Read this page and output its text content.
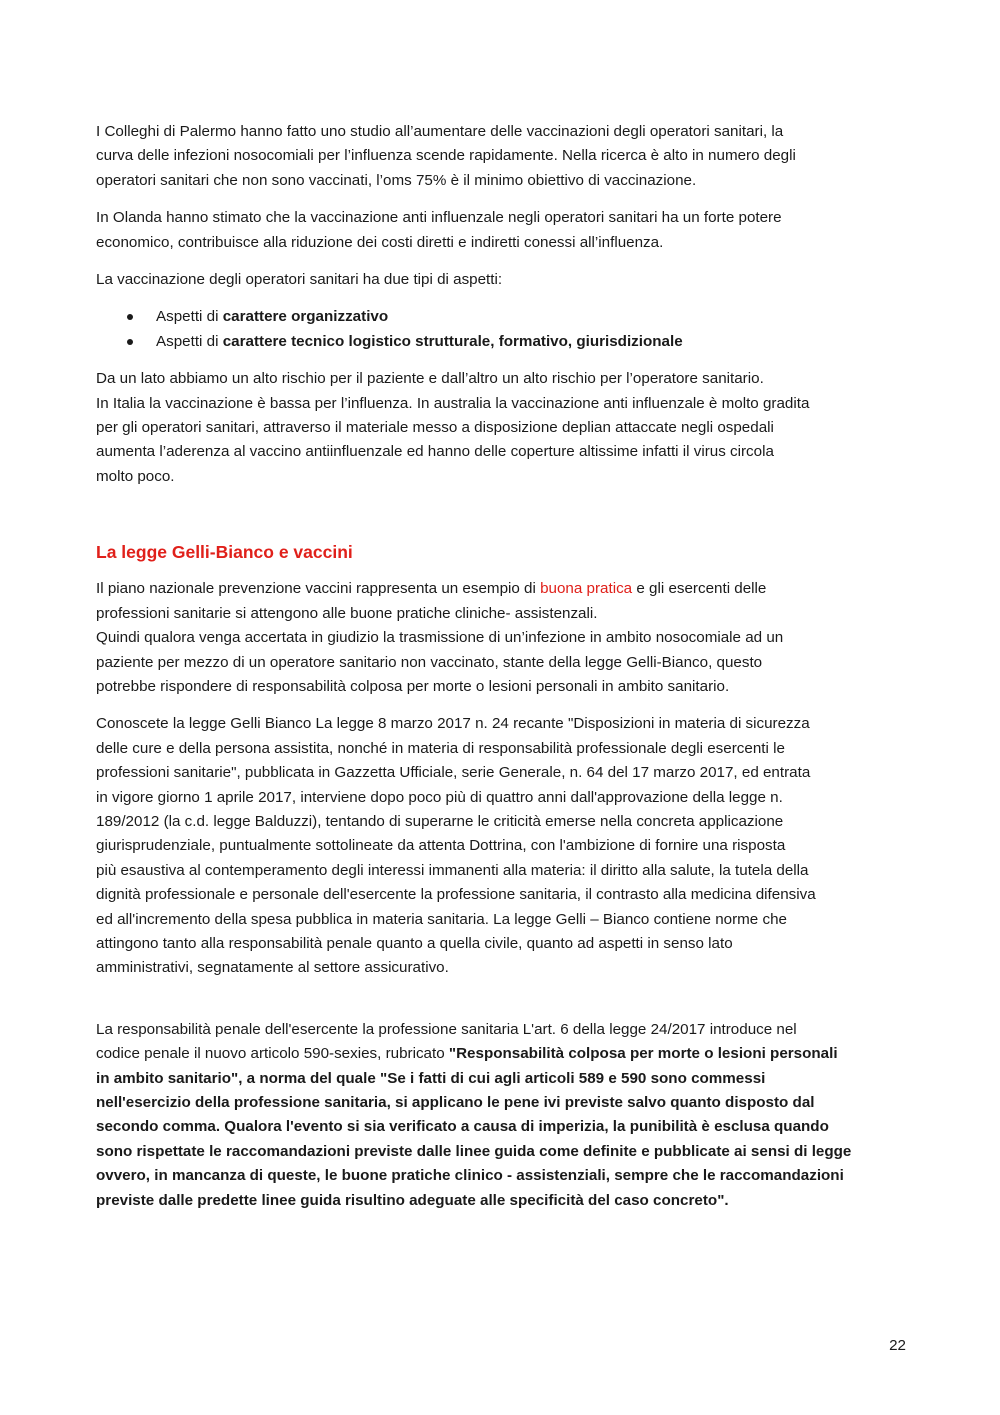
I Colleghi di Palermo hanno fatto uno studio all’aumentare delle vaccinazioni degli operatori sanitari, la
curva delle infezioni nosocomiali per l’influenza scende rapidamente. Nella ricerca è alto in numero degli
operatori sanitari che non sono vaccinati, l’oms 75% è il minimo obiettivo di vaccinazione.

In Olanda hanno stimato che la vaccinazione anti influenzale negli operatori sanitari ha un forte potere
economico, contribuisce alla riduzione dei costi diretti e indiretti conessi all’influenza.

La vaccinazione degli operatori sanitari ha due tipi di aspetti:

Aspetti di carattere organizzativo
Aspetti di carattere tecnico logistico strutturale, formativo, giurisdizionale

Da un lato abbiamo un alto rischio per il paziente e dall’altro un alto rischio per l’operatore sanitario.
In Italia la vaccinazione è bassa per l’influenza. In australia la vaccinazione anti influenzale è molto gradita
per gli operatori sanitari, attraverso il materiale messo a disposizione deplian attaccate negli ospedali
aumenta l’aderenza al vaccino antiinfluenzale ed hanno delle coperture altissime infatti il virus circola
molto poco.

La legge Gelli-Bianco e vaccini

Il piano nazionale prevenzione vaccini rappresenta un esempio di buona pratica e gli esercenti delle
professioni sanitarie si attengono alle buone pratiche cliniche- assistenzali.
Quindi qualora venga accertata in giudizio la trasmissione di un’infezione in ambito nosocomiale ad un
paziente per mezzo di un operatore sanitario non vaccinato, stante della legge Gelli-Bianco, questo
potrebbe rispondere di responsabilità colposa per morte o lesioni personali in ambito sanitario.

Conoscete la legge Gelli Bianco La legge 8 marzo 2017 n. 24 recante "Disposizioni in materia di sicurezza
delle cure e della persona assistita, nonché in materia di responsabilità professionale degli esercenti le
professioni sanitarie", pubblicata in Gazzetta Ufficiale, serie Generale, n. 64 del 17 marzo 2017, ed entrata
in vigore giorno 1 aprile 2017, interviene dopo poco più di quattro anni dall'approvazione della legge n.
189/2012 (la c.d. legge Balduzzi), tentando di superarne le criticità emerse nella concreta applicazione
giurisprudenziale, puntualmente sottolineate da attenta Dottrina, con l'ambizione di fornire una risposta
più esaustiva al contemperamento degli interessi immanenti alla materia: il diritto alla salute, la tutela della
dignità professionale e personale dell'esercente la professione sanitaria, il contrasto alla medicina difensiva
ed all'incremento della spesa pubblica in materia sanitaria. La legge Gelli – Bianco contiene norme che
attingono tanto alla responsabilità penale quanto a quella civile, quanto ad aspetti in senso lato
amministrativi, segnatamente al settore assicurativo.

La responsabilità penale dell'esercente la professione sanitaria L'art. 6 della legge 24/2017 introduce nel
codice penale il nuovo articolo 590-sexies, rubricato "Responsabilità colposa per morte o lesioni personali
in ambito sanitario", a norma del quale "Se i fatti di cui agli articoli 589 e 590 sono commessi
nell'esercizio della professione sanitaria, si applicano le pene ivi previste salvo quanto disposto dal
secondo comma. Qualora l'evento si sia verificato a causa di imperizia, la punibilità è esclusa quando
sono rispettate le raccomandazioni previste dalle linee guida come definite e pubblicate ai sensi di legge
ovvero, in mancanza di queste, le buone pratiche clinico - assistenziali, sempre che le raccomandazioni
previste dalle predette linee guida risultino adeguate alle specificità del caso concreto".

22
